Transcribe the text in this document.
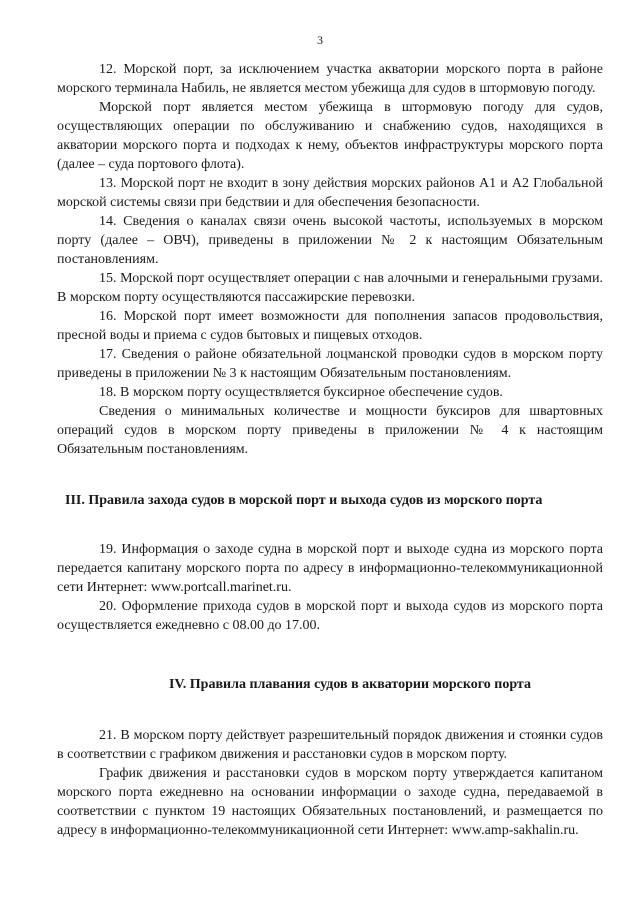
3

12. Морской порт, за исключением участка акватории морского порта в районе морского терминала Набиль, не является местом убежища для судов в штормовую погоду.

Морской порт является местом убежища в штормовую погоду для судов, осуществляющих операции по обслуживанию и снабжению судов, находящихся в акватории морского порта и подходах к нему, объектов инфраструктуры морского порта (далее – суда портового флота).

13. Морской порт не входит в зону действия морских районов А1 и А2 Глобальной морской системы связи при бедствии и для обеспечения безопасности.

14. Сведения о каналах связи очень высокой частоты, используемых в морском порту (далее – ОВЧ), приведены в приложении № 2 к настоящим Обязательным постановлениям.

15. Морской порт осуществляет операции с нав алочными и генеральными грузами. В морском порту осуществляются пассажирские перевозки.

16. Морской порт имеет возможности для пополнения запасов продовольствия, пресной воды и приема с судов бытовых и пищевых отходов.

17. Сведения о районе обязательной лоцманской проводки судов в морском порту приведены в приложении № 3 к настоящим Обязательным постановлениям.

18. В морском порту осуществляется буксирное обеспечение судов.

Сведения о минимальных количестве и мощности буксиров для швартовных операций судов в морском порту приведены в приложении № 4 к настоящим Обязательным постановлениям.

III. Правила захода судов в морской порт и выхода судов из морского порта

19. Информация о заходе судна в морской порт и выходе судна из морского порта передается капитану морского порта по адресу в информационно-телекоммуникационной сети Интернет: www.portcall.marinet.ru.

20. Оформление прихода судов в морской порт и выхода судов из морского порта осуществляется ежедневно с 08.00 до 17.00.

IV. Правила плавания судов в акватории морского порта

21. В морском порту действует разрешительный порядок движения и стоянки судов в соответствии с графиком движения и расстановки судов в морском порту.

График движения и расстановки судов в морском порту утверждается капитаном морского порта ежедневно на основании информации о заходе судна, передаваемой в соответствии с пунктом 19 настоящих Обязательных постановлений, и размещается по адресу в информационно-телекоммуникационной сети Интернет: www.amp-sakhalin.ru.
